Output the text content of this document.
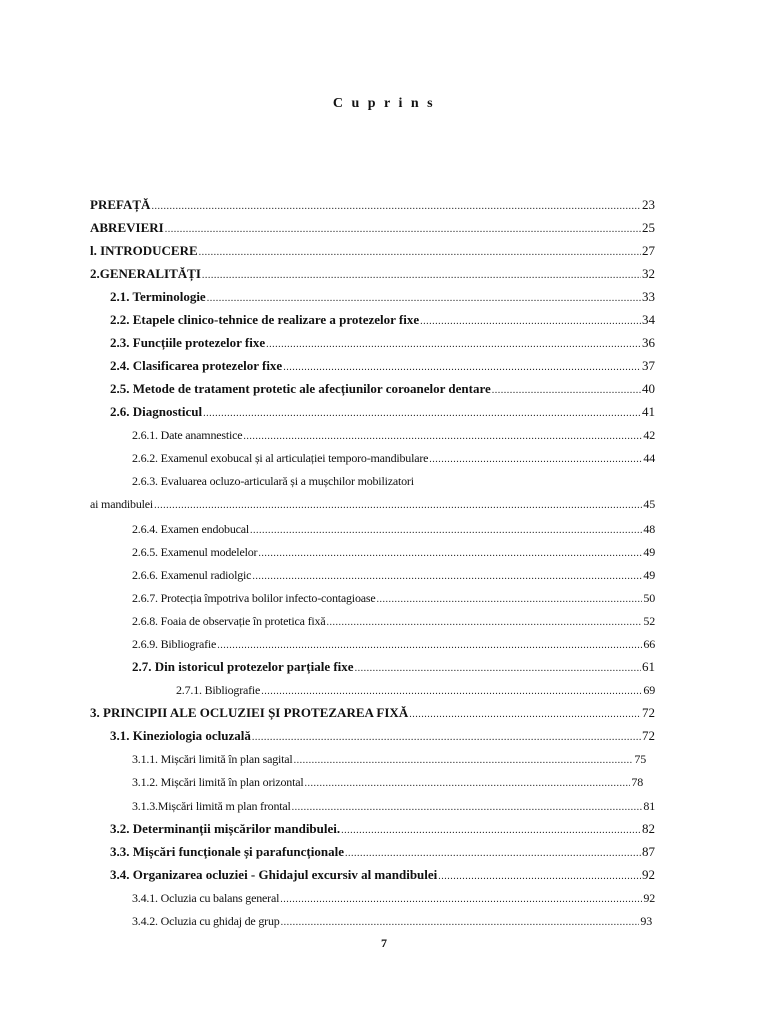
C u p r i n s
PREFAȚĂ .....	23
ABREVIERI .....	25
l. INTRODUCERE .....	27
2.GENERALITĂȚI .....	32
2.1. Terminologie .....	33
2.2. Etapele clinico-tehnice de realizare a protezelor fixe .....	34
2.3. Funcțiile protezelor fixe .....	36
2.4. Clasificarea protezelor fixe .....	37
2.5. Metode de tratament protetic ale afecțiunilor coroanelor dentare .....	40
2.6. Diagnosticul .....	41
2.6.1. Date anamnestice .....	42
2.6.2. Examenul exobucal și al articulației temporo-mandibulare .....	44
2.6.3. Evaluarea ocluzo-articulară și a mușchilor mobilizatori
ai mandibulei .....	45
2.6.4. Examen endobucal .....	48
2.6.5. Examenul modelelor .....	49
2.6.6. Examenul radiolgic .....	49
2.6.7. Protecția împotriva bolilor infecto-contagioase .....	50
2.6.8. Foaia de observație în protetica fixă .....	52
2.6.9. Bibliografie .....	66
2.7. Din istoricul protezelor parțiale fixe .....	61
2.7.1. Bibliografie .....	69
3. PRINCIPII ALE OCLUZIEI ȘI PROTEZAREA FIXĂ .....	72
3.1. Kineziologia ocluzală .....	72
3.1.1. Mișcări limită în plan sagital .....	75
3.1.2. Mișcări limită în plan orizontal .....	78
3.1.3.Mișcări limită m plan frontal .....	81
3.2. Determinanții mișcărilor mandibulei. .....	82
3.3. Mișcări funcționale și parafuncționale .....	87
3.4. Organizarea ocluziei - Ghidajul excursiv al mandibulei .....	92
3.4.1. Ocluzia cu balans general .....	92
3.4.2. Ocluzia cu ghidaj de grup .....	93
7
